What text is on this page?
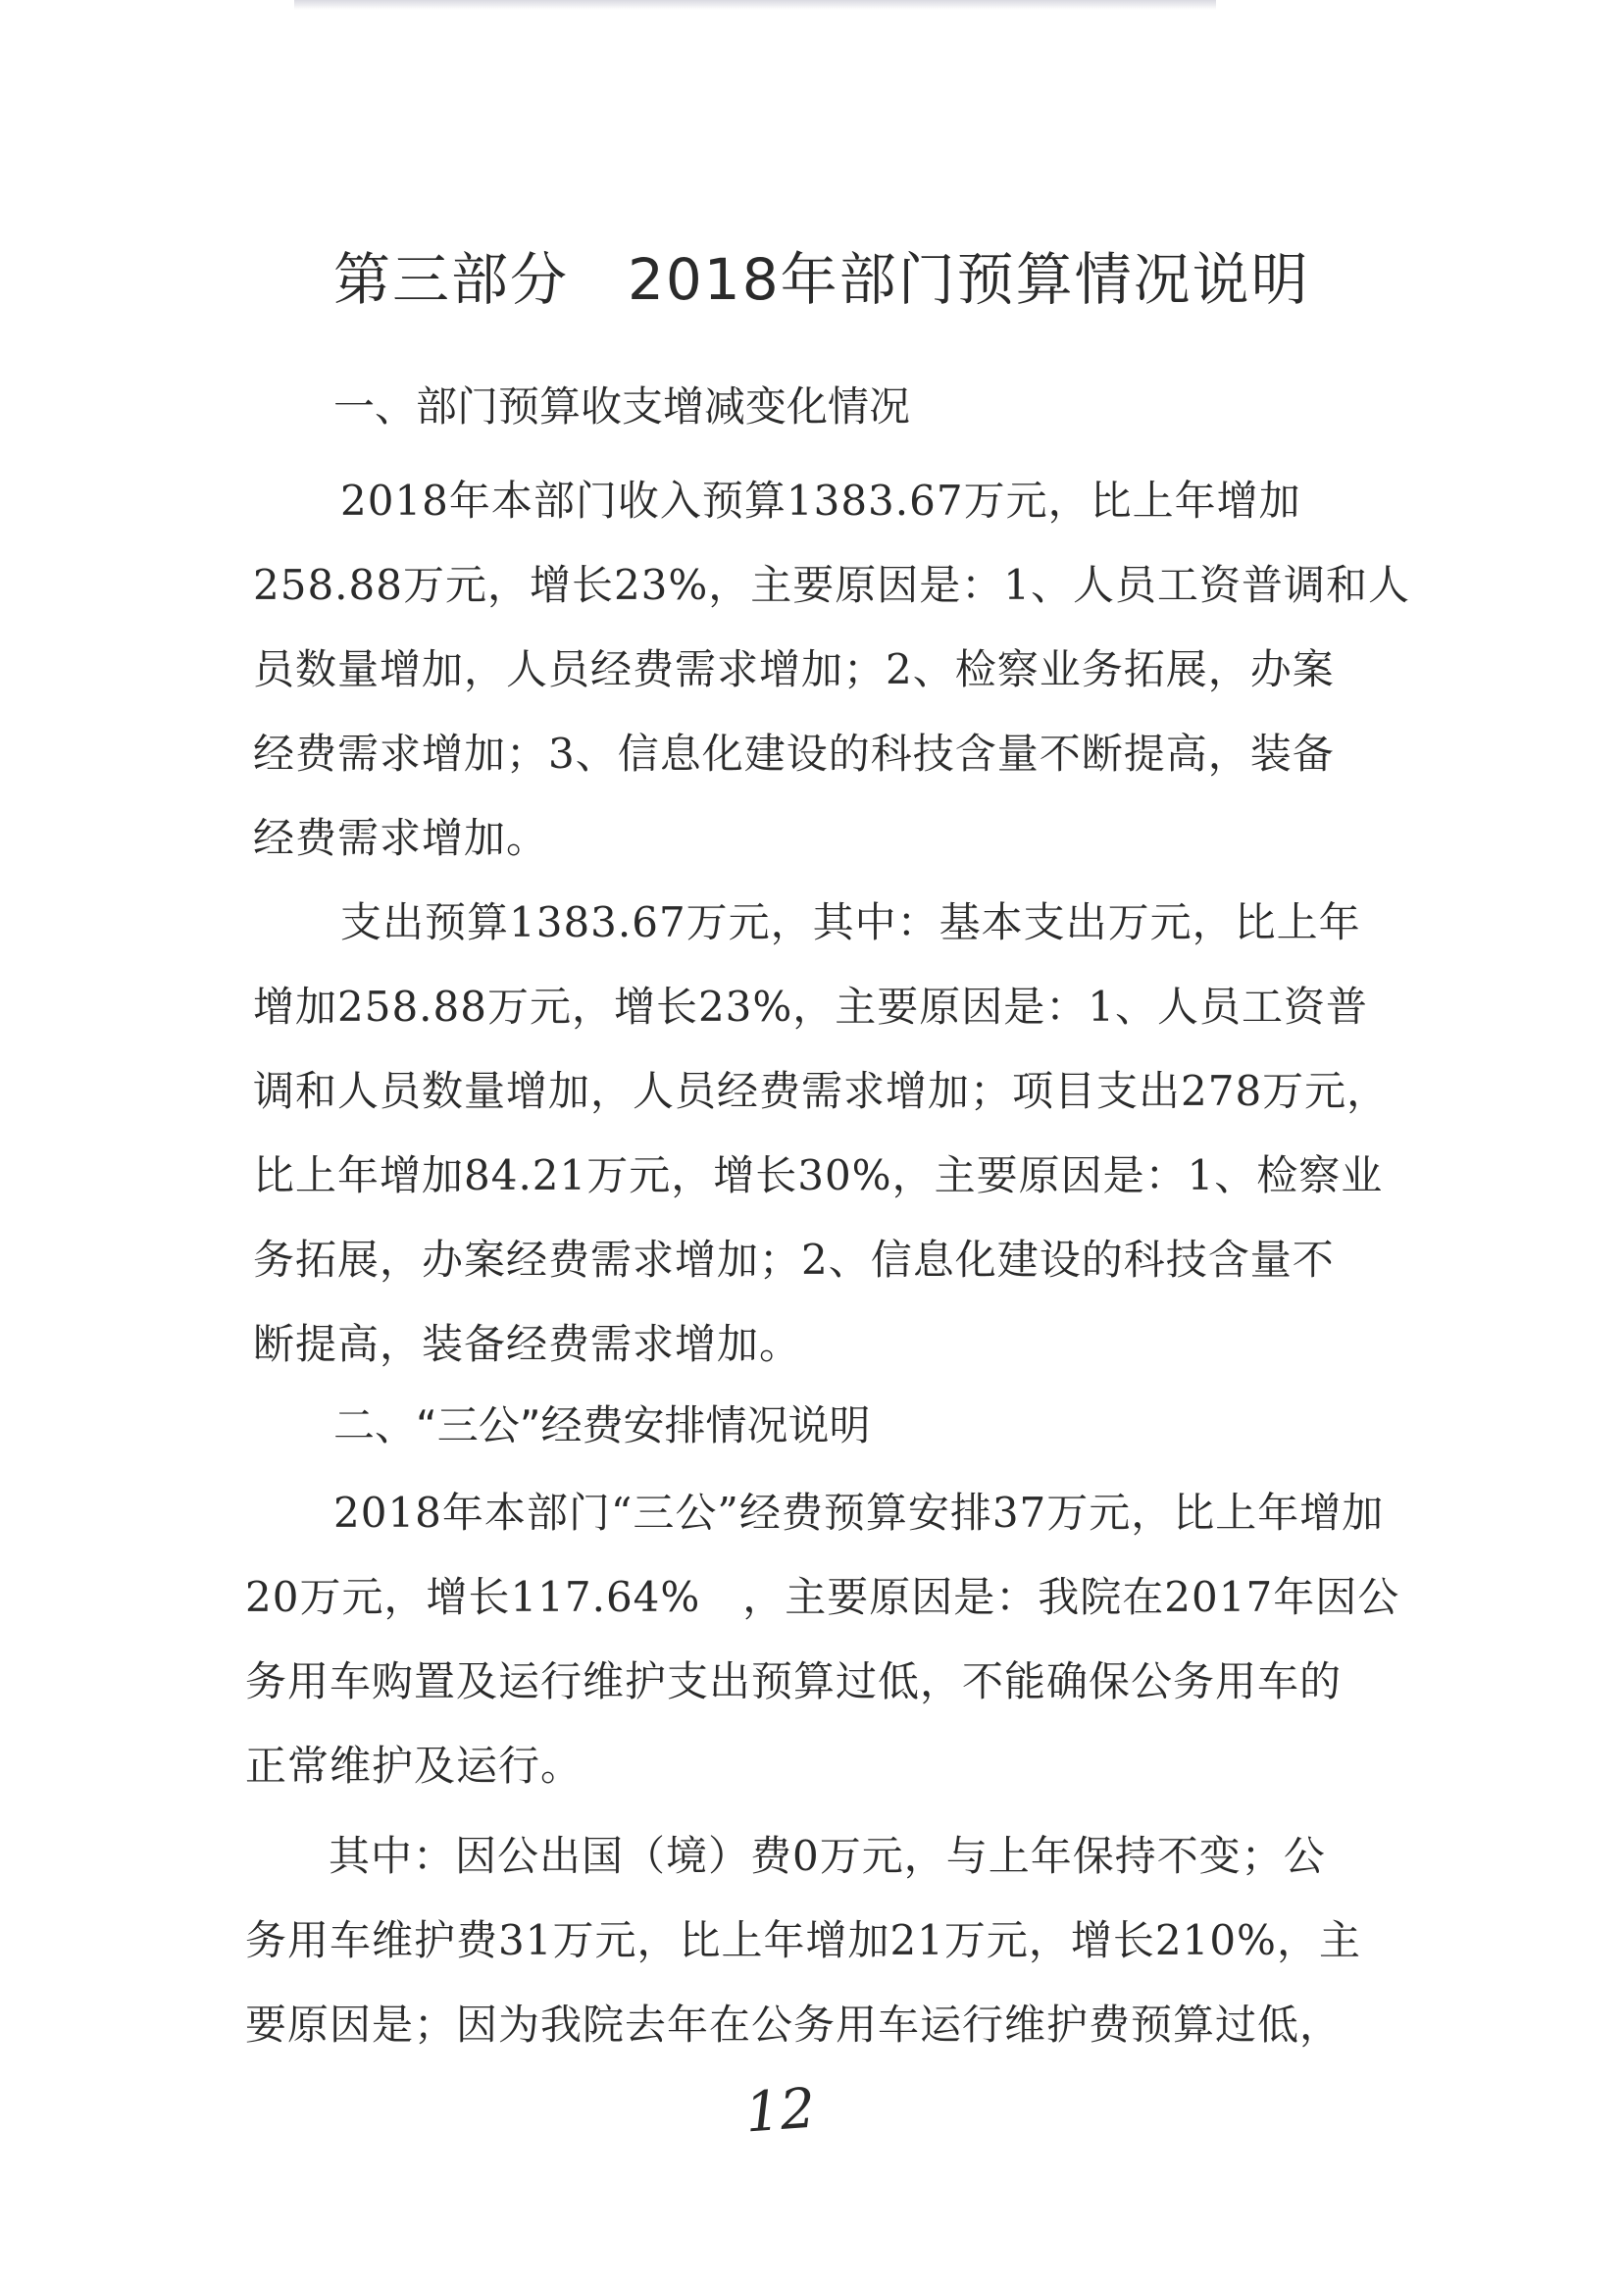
第三部分　2018年部门预算情况说明
一、部门预算收支增减变化情况
2018年本部门收入预算1383.67万元，比上年增加
258.88万元，增长23%，主要原因是：1、人员工资普调和人
员数量增加，人员经费需求增加；2、检察业务拓展，办案
经费需求增加；3、信息化建设的科技含量不断提高，装备
经费需求增加。
支出预算1383.67万元，其中：基本支出万元，比上年
增加258.88万元，增长23%，主要原因是：1、人员工资普
调和人员数量增加，人员经费需求增加；项目支出278万元，
比上年增加84.21万元，增长30%，主要原因是：1、检察业
务拓展，办案经费需求增加；2、信息化建设的科技含量不
断提高，装备经费需求增加。
二、“三公”经费安排情况说明
2018年本部门“三公”经费预算安排37万元，比上年增加
20万元，增长117.64%　，主要原因是：我院在2017年因公
务用车购置及运行维护支出预算过低，不能确保公务用车的
正常维护及运行。
其中：因公出国（境）费0万元，与上年保持不变；公
务用车维护费31万元，比上年增加21万元，增长210%，主
要原因是；因为我院去年在公务用车运行维护费预算过低，
12
